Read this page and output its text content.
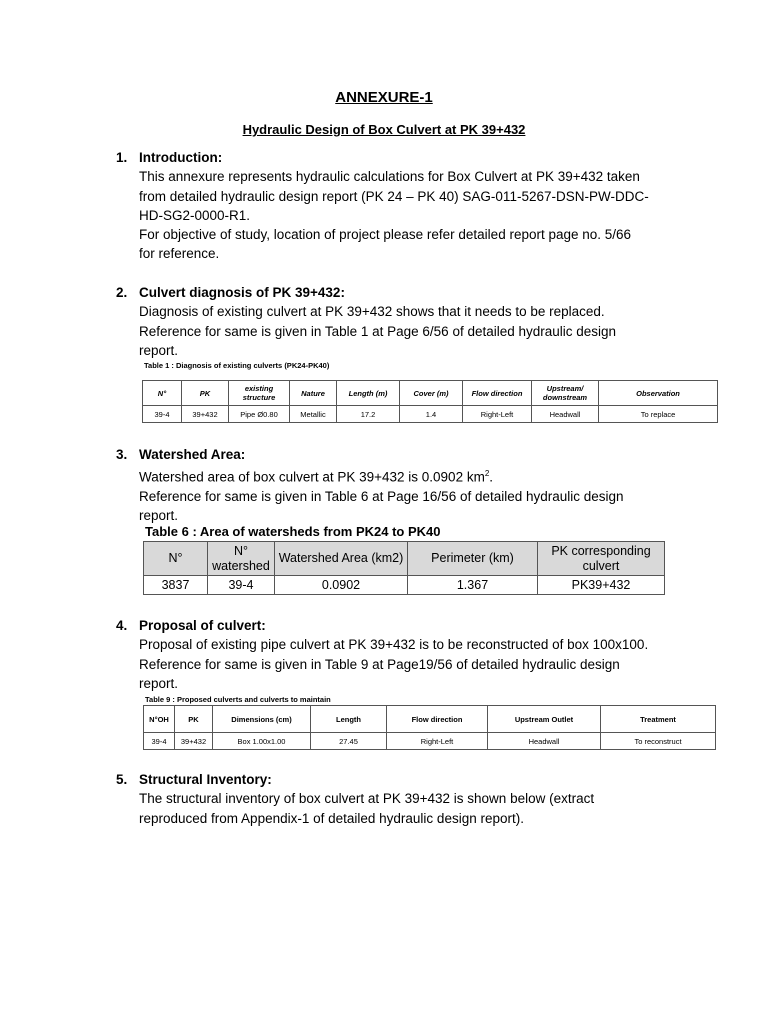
ANNEXURE-1
Hydraulic Design of Box Culvert at PK 39+432
1. Introduction:
This annexure represents hydraulic calculations for Box Culvert at PK 39+432 taken
from detailed hydraulic design report (PK 24 – PK 40) SAG-011-5267-DSN-PW-DDC-
HD-SG2-0000-R1.
For objective of study, location of project please refer detailed report page no. 5/66
for reference.
2. Culvert diagnosis of PK 39+432:
Diagnosis of existing culvert at PK 39+432 shows that it needs to be replaced.
Reference for same is given in Table 1 at Page 6/56 of detailed hydraulic design
report.
Table 1 : Diagnosis of existing culverts (PK24-PK40)
N°	PK	existing structure	Nature	Length (m)	Cover (m)	Flow direction	Upstream/ downstream	Observation
39-4	39+432	Pipe Ø0.80	Metallic	17.2	1.4	Right-Left	Headwall	To replace
3. Watershed Area:
Watershed area of box culvert at PK 39+432 is 0.0902 $km^2$.
Reference for same is given in Table 6 at Page 16/56 of detailed hydraulic design
report.
Table 6 : Area of watersheds from PK24 to PK40
N°	N° watershed	Watershed Area (km2)	Perimeter (km)	PK corresponding culvert
3837	39-4	0.0902	1.367	PK39+432
4. Proposal of culvert:
Proposal of existing pipe culvert at PK 39+432 is to be reconstructed of box 100x100.
Reference for same is given in Table 9 at Page19/56 of detailed hydraulic design
report.
Table 9 : Proposed culverts and culverts to maintain
N°OH	PK	Dimensions (cm)	Length	Flow direction	Upstream Outlet	Treatment
39-4	39+432	Box 1.00x1.00	27.45	Right-Left	Headwall	To reconstruct
5. Structural Inventory:
The structural inventory of box culvert at PK 39+432 is shown below (extract
reproduced from Appendix-1 of detailed hydraulic design report).
